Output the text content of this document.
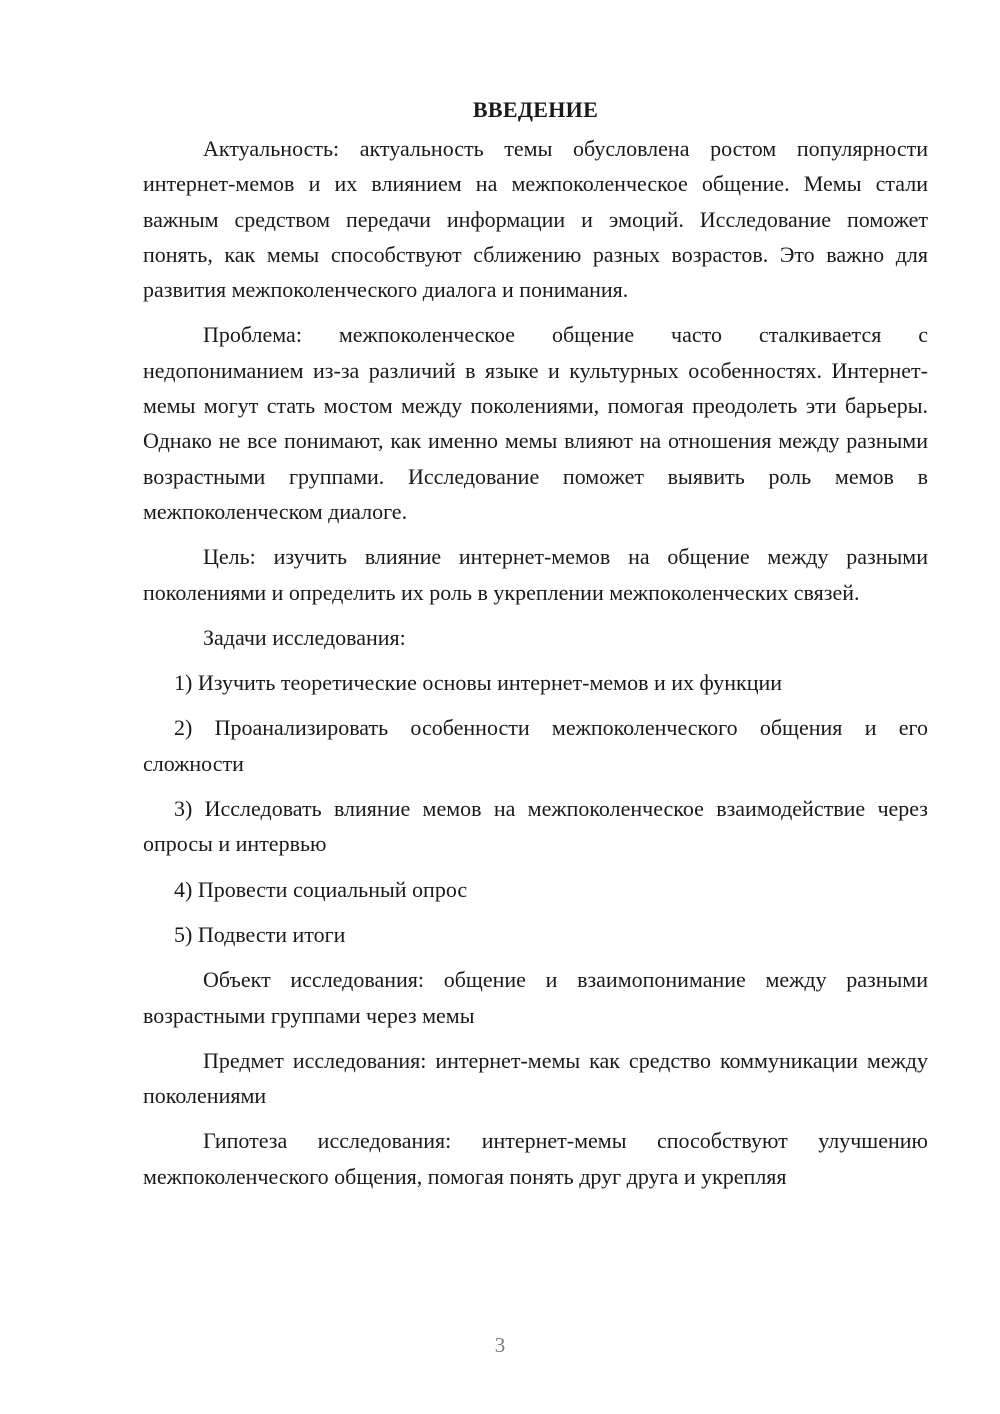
ВВЕДЕНИЕ

Актуальность: актуальность темы обусловлена ростом популярности интернет-мемов и их влиянием на межпоколенческое общение. Мемы стали важным средством передачи информации и эмоций. Исследование поможет понять, как мемы способствуют сближению разных возрастов. Это важно для развития межпоколенческого диалога и понимания.

Проблема: межпоколенческое общение часто сталкивается с недопониманием из-за различий в языке и культурных особенностях. Интернет-мемы могут стать мостом между поколениями, помогая преодолеть эти барьеры. Однако не все понимают, как именно мемы влияют на отношения между разными возрастными группами. Исследование поможет выявить роль мемов в межпоколенческом диалоге.

Цель: изучить влияние интернет-мемов на общение между разными поколениями и определить их роль в укреплении межпоколенческих связей.

Задачи исследования:

1) Изучить теоретические основы интернет-мемов и их функции

2) Проанализировать особенности межпоколенческого общения и его сложности

3) Исследовать влияние мемов на межпоколенческое взаимодействие через опросы и интервью

4) Провести социальный опрос

5) Подвести итоги

Объект исследования: общение и взаимопонимание между разными возрастными группами через мемы

Предмет исследования: интернет-мемы как средство коммуникации между поколениями

Гипотеза исследования: интернет-мемы способствуют улучшению межпоколенческого общения, помогая понять друг друга и укрепляя

3
